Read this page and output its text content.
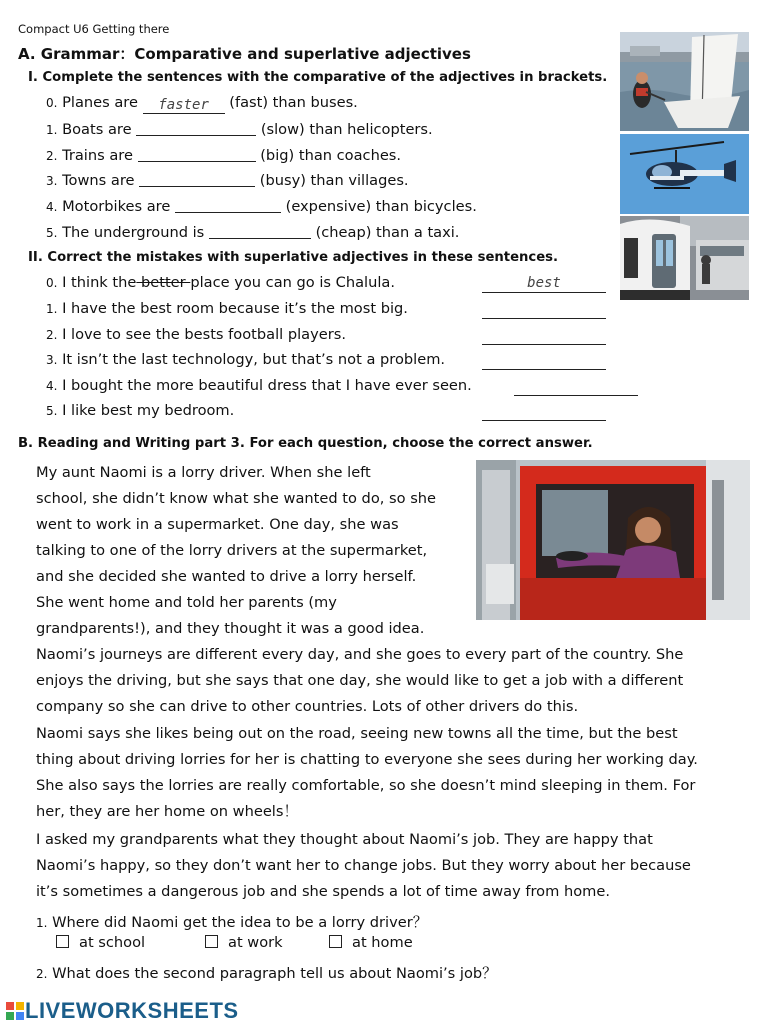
Compact U6 Getting there
A. Grammar：Comparative and superlative adjectives
I. Complete the sentences with the comparative of the adjectives in brackets.
0. Planes are faster (fast) than buses.
1. Boats are	(slow) than helicopters.
2. Trains are	(big) than coaches.
3. Towns are	(busy) than villages.
4. Motorbikes are	(expensive) than bicycles.
5. The underground is	(cheap) than a taxi.
II. Correct the mistakes with superlative adjectives in these sentences.
0. I think the better place you can go is Chalula.	best
1. I have the best room because it’s the most big.
2. I love to see the bests football players.
3. It isn’t the last technology, but that’s not a problem.
4. I bought the more beautiful dress that I have ever seen.
5. I like best my bedroom.
B. Reading and Writing part 3. For each question, choose the correct answer.
My aunt Naomi is a lorry driver. When she left
school, she didn’t know what she wanted to do, so she
went to work in a supermarket. One day, she was
talking to one of the lorry drivers at the supermarket,
and she decided she wanted to drive a lorry herself.
She went home and told her parents (my
grandparents!), and they thought it was a good idea.
Naomi’s journeys are different every day, and she goes to every part of the country. She
enjoys the driving, but she says that one day, she would like to get a job with a different
company so she can drive to other countries. Lots of other drivers do this.
Naomi says she likes being out on the road, seeing new towns all the time, but the best
thing about driving lorries for her is chatting to everyone she sees during her working day.
She also says the lorries are really comfortable, so she doesn’t mind sleeping in them. For
her, they are her home on wheels！
I asked my grandparents what they thought about Naomi’s job. They are happy that
Naomi’s happy, so they don’t want her to change jobs. But they worry about her because
it’s sometimes a dangerous job and she spends a lot of time away from home.
1. Where did Naomi get the idea to be a lorry driver？
at school	at work	at home
2. What does the second paragraph tell us about Naomi’s job？
LIVEWORKSHEETS
